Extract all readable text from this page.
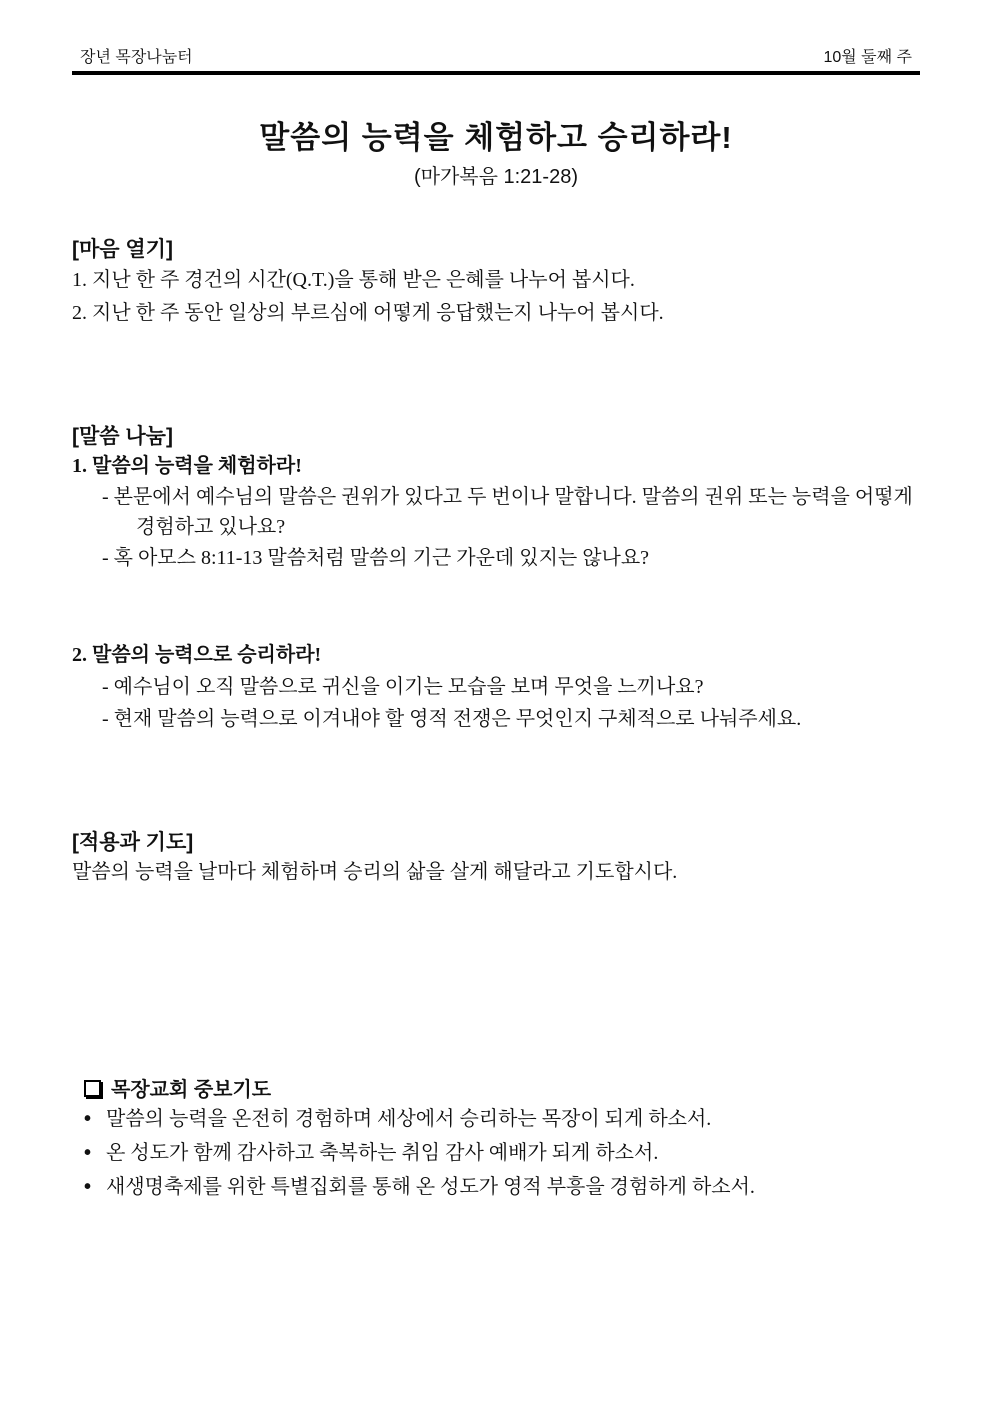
장년 목장나눔터	10월 둘째 주
말씀의 능력을 체험하고 승리하라!
(마가복음 1:21-28)
[마음 열기]
1. 지난 한 주 경건의 시간(Q.T.)을 통해 받은 은혜를 나누어 봅시다.
2. 지난 한 주 동안 일상의 부르심에 어떻게 응답했는지 나누어 봅시다.
[말씀 나눔]
1. 말씀의 능력을 체험하라!
- 본문에서 예수님의 말씀은 권위가 있다고 두 번이나 말합니다. 말씀의 권위 또는 능력을 어떻게 경험하고 있나요?
- 혹 아모스 8:11-13 말씀처럼 말씀의 기근 가운데 있지는 않나요?
2. 말씀의 능력으로 승리하라!
- 예수님이 오직 말씀으로 귀신을 이기는 모습을 보며 무엇을 느끼나요?
- 현재 말씀의 능력으로 이겨내야 할 영적 전쟁은 무엇인지 구체적으로 나눠주세요.
[적용과 기도]
말씀의 능력을 날마다 체험하며 승리의 삶을 살게 해달라고 기도합시다.
목장교회 중보기도
• 말씀의 능력을 온전히 경험하며 세상에서 승리하는 목장이 되게 하소서.
• 온 성도가 함께 감사하고 축복하는 취임 감사 예배가 되게 하소서.
• 새생명축제를 위한 특별집회를 통해 온 성도가 영적 부흥을 경험하게 하소서.
